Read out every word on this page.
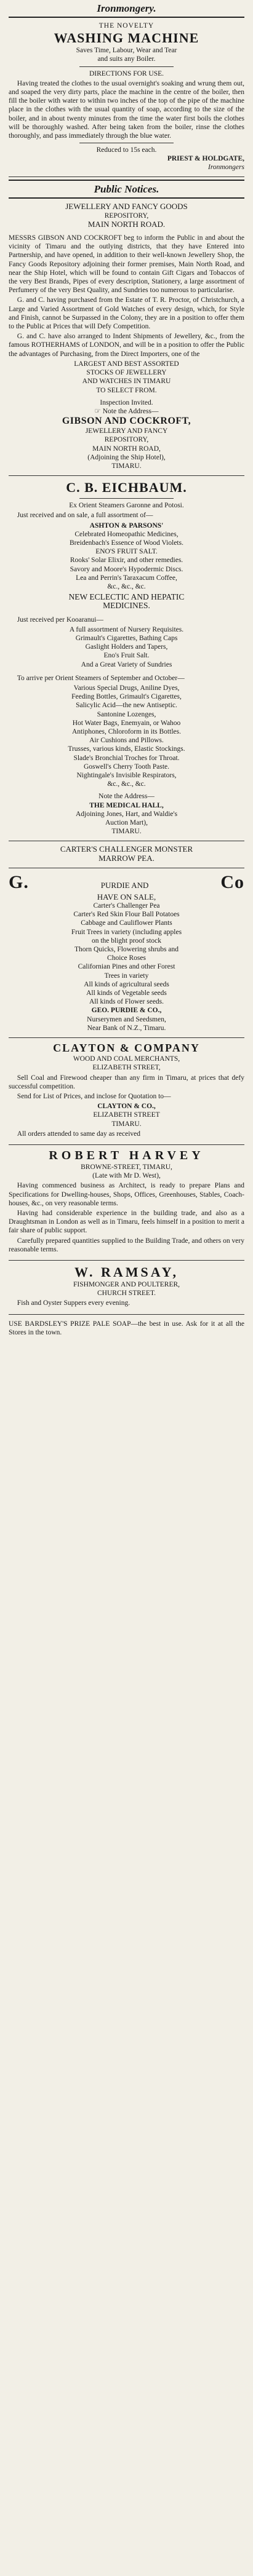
Ironmongery.
THE NOVELTY
WASHING MACHINE
Saves Time, Labour, Wear and Tear
and suits any Boiler.
DIRECTIONS FOR USE.

Having treated the clothes to the usual overnight's soaking and wrung them out, and soaped the very dirty parts, place the machine in the centre of the boiler, then fill the boiler with water to within two inches of the top of the pipe of the machine place in the clothes with the usual quantity of soap, according to the size of the boiler, and in about twenty minutes from the time the water first boils the clothes will be thoroughly washed. After being taken from the boiler, rinse the clothes thoroughly, and pass immediately through the blue water.

Reduced to 15s each.
PRIEST & HOLDGATE,
Ironmongers
Public Notices.
JEWELLERY AND FANCY GOODS
REPOSITORY,
MAIN NORTH ROAD.

MESSRS GIBSON AND COCKROFT beg to inform the Public in and about the vicinity of Timaru and the outlying districts, that they have Entered into Partnership, and have opened, in addition to their well-known Jewellery Shop, the Fancy Goods Repository adjoining their former premises, Main North Road, and near the Ship Hotel, which will be found to contain Gift Cigars and Tobaccos of the very Best Brands, Pipes of every description, Stationery, a large assortment of Perfumery of the very Best Quality, and Sundries too numerous to particularise.

G. and C. having purchased from the Estate of T. R. Proctor, of Christchurch, a Large and Varied Assortment of Gold Watches of every design, which, for Style and Finish, cannot be Surpassed in the Colony, they are in a position to offer them to the Public at Prices that will Defy Competition.

G. and C. have also arranged to Indent Shipments of Jewellery, &c., from the famous ROTHERHAMS of LONDON, and will be in a position to offer the Public the advantages of Purchasing, from the Direct Importers, one of the

LARGEST AND BEST ASSORTED
STOCKS OF JEWELLERY
AND WATCHES IN TIMARU
TO SELECT FROM.
Inspection Invited.
☞ Note the Address—
GIBSON AND COCKROFT,
JEWELLERY AND FANCY
REPOSITORY,
MAIN NORTH ROAD,
(Adjoining the Ship Hotel),
TIMARU.
C. B. EICHBAUM.
Ex Orient Steamers Garonne and Potosi.

Just received and on sale, a full assortment of—

ASHTON & PARSONS'
Celebrated Homeopathic Medicines,
Breidenbach's Essence of Wood Violets.
ENO'S FRUIT SALT.
Rooks' Solar Elixir, and other remedies.
Savory and Moore's Hypodermic Discs.
Lea and Perrin's Taraxacum Coffee,
&c., &c., &c.
NEW ECLECTIC AND HEPATIC
MEDICINES.

Just received per Kooaranui—

A full assortment of Nursery Requisites.
Grimault's Cigarettes, Bathing Caps
Gaslight Holders and Tapers,
Eno's Fruit Salt.
And a Great Variety of Sundries

To arrive per Orient Steamers of September and October—

Various Special Drugs, Aniline Dyes,
Feeding Bottles, Grimault's Cigarettes,
Salicylic Acid—the new Antiseptic.
Santonine Lozenges,
Hot Water Bags, Enemyain, or Wahoo
Antiphones, Chloroform in its Bottles.
Air Cushions and Pillows.
Trusses, various kinds, Elastic Stockings.
Slade's Bronchial Troches for Throat.
Goswell's Cherry Tooth Paste.
Nightingale's Invisible Respirators,
&c., &c., &c.
Note the Address—
THE MEDICAL HALL,
Adjoining Jones, Hart, and Waldie's
Auction Mart),
TIMARU.
CARTER'S CHALLENGER MONSTER
MARROW PEA.
G.	PURDIE AND	Co
HAVE ON SALE,
Carter's Challenger Pea
Carter's Red Skin Flour Ball Potatoes
Cabbage and Cauliflower Plants
Fruit Trees in variety (including apples
on the blight proof stock
Thorn Quicks, Flowering shrubs and
Choice Roses
Californian Pines and other Forest
Trees in variety
All kinds of agricultural seeds
All kinds of Vegetable seeds
All kinds of Flower seeds.
GEO. PURDIE & CO.,
Nurserymen and Seedsmen,
Near Bank of N.Z., Timaru.
CLAYTON & COMPANY
WOOD AND COAL MERCHANTS,
ELIZABETH STREET,

Sell Coal and Firewood cheaper than any firm in Timaru, at prices that defy successful competition.

Send for List of Prices, and inclose for Quotation to—

CLAYTON & CO.,
ELIZABETH STREET
TIMARU.

All orders attended to same day as received

ROBERT HARVEY
BROWNE-STREET, TIMARU,
(Late with Mr D. West),

Having commenced business as Architect, is ready to prepare Plans and Specifications for Dwelling-houses, Shops, Offices, Greenhouses, Stables, Coach-houses, &c., on very reasonable terms.

Having had considerable experience in the building trade, and also as a Draughtsman in London as well as in Timaru, feels himself in a position to merit a fair share of public support.

Carefully prepared quantities supplied to the Building Trade, and others on very reasonable terms.

W. RAMSAY,
FISHMONGER AND POULTERER,
CHURCH STREET.

Fish and Oyster Suppers every evening.

USE BARDSLEY'S PRIZE PALE SOAP—the best in use. Ask for it at all the Stores in the town.
